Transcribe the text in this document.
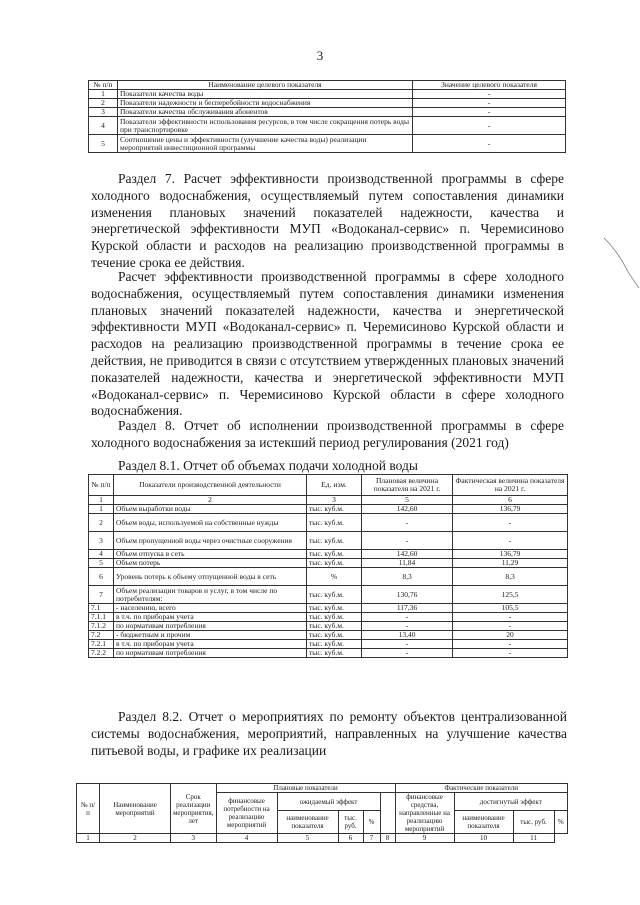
3
№ п/п	Наименование целевого показателя	Значение целевого показателя
1	Показатели качества воды	-
2	Показатели надежности и бесперебойности водоснабжения	-
3	Показатели качества обслуживания абонентов	-
4	Показатели эффективности использования ресурсов, в том числе сокращения потерь воды при транспортировке	-
5	Соотношение цены и эффективности (улучшение качества воды) реализации мероприятий инвестиционной программы	-

Раздел 7. Расчет эффективности производственной программы в сфере холодного водоснабжения, осуществляемый путем сопоставления динамики изменения плановых значений показателей надежности, качества и энергетической эффективности МУП «Водоканал-сервис» п. Черемисиново Курской области и расходов на реализацию производственной программы в течение срока ее действия.

Расчет эффективности производственной программы в сфере холодного водоснабжения, осуществляемый путем сопоставления динамики изменения плановых значений показателей надежности, качества и энергетической эффективности МУП «Водоканал-сервис» п. Черемисиново Курской области и расходов на реализацию производственной программы в течение срока ее действия, не приводится в связи с отсутствием утвержденных плановых значений показателей надежности, качества и энергетической эффективности МУП «Водоканал-сервис» п. Черемисиново Курской области в сфере холодного водоснабжения.

Раздел 8. Отчет об исполнении производственной программы в сфере холодного водоснабжения за истекший период регулирования (2021 год)

Раздел 8.1. Отчет об объемах подачи холодной воды

№ п/п	Показатели производственной деятельности	Ед. изм.	Плановая величина показателя на 2021 г.	Фактическая величина показателя на 2021 г.
1	2	3	5	6
1	Объем выработки воды	тыс. куб.м.	142,60	136,79
2	Объем воды, используемой на собственные нужды	тыс. куб.м.	-	-
3	Объем пропущенной воды через очистные сооружения	тыс. куб.м.	-	-
4	Объем отпуска в сеть	тыс. куб.м.	142,60	136,79
5	Объем потерь	тыс. куб.м.	11,84	11,29
6	Уровень потерь к объему отпущенной воды в сеть	%	8,3	8,3
7	Объем реализации товаров и услуг, в том числе по потребителям:	тыс. куб.м.	130,76	125,5
7.1	- населению, всего	тыс. куб.м.	117,36	105,5
7.1.1	в т.ч. по приборам учета	тыс. куб.м.	-	-
7.1.2	по нормативам потребления	тыс. куб.м.	-	-
7.2	- бюджетным и прочим	тыс. куб.м.	13,40	20
7.2.1	в т.ч. по приборам учета	тыс. куб.м.	-	-
7.2.2	по нормативам потребления	тыс. куб.м.	-	-

Раздел 8.2. Отчет о мероприятиях по ремонту объектов централизованной системы водоснабжения, мероприятий, направленных на улучшение качества питьевой воды, и графике их реализации

№ п/ п	Наименование мероприятий	Срок реализации мероприятия, лет	Плановые показатели					Фактические показатели			
			финансовые потребности на реализацию мероприятий	ожидаемый эффект				финансовые средства, направленные на реализацию мероприятий	достигнутый эффект		
				наименование показателя	тыс. руб.	%			наименование показателя	тыс. руб.	%
1	2	3	4	5	6	7	8	9	10	11	
